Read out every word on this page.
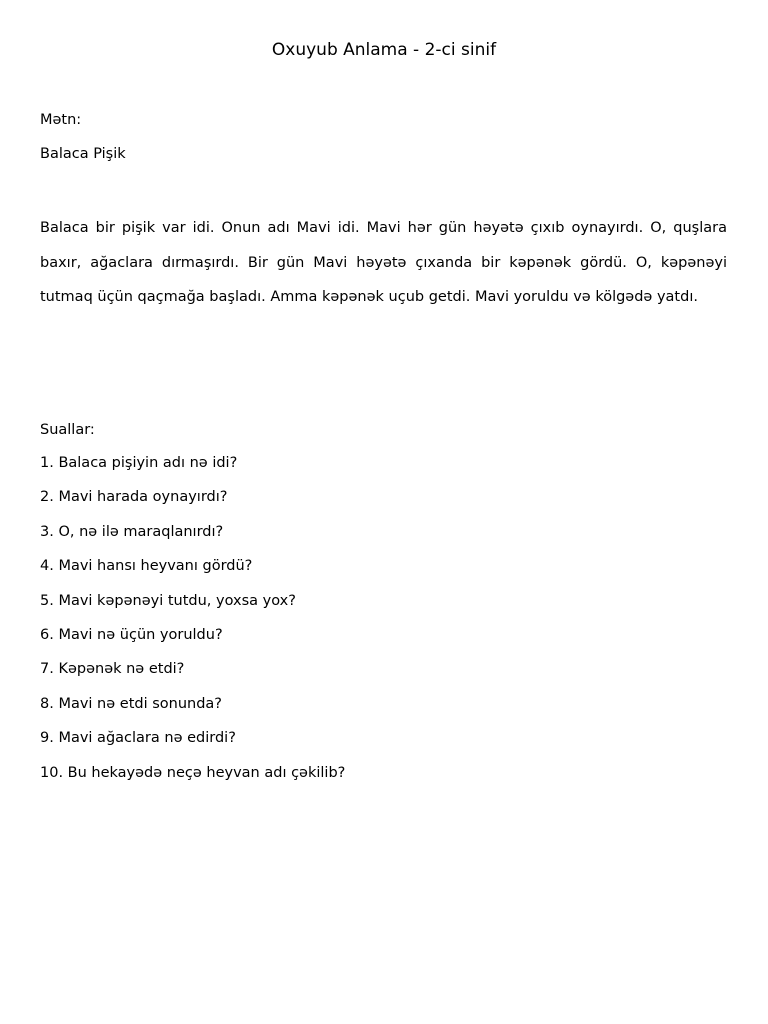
Oxuyub Anlama - 2-ci sinif
Mətn:
Balaca Pişik
Balaca bir pişik var idi. Onun adı Mavi idi. Mavi hər gün həyətə çıxıb oynayırdı. O, quşlara baxır, ağaclara dırmaşırdı. Bir gün Mavi həyətə çıxanda bir kəpənək gördü. O, kəpənəyi tutmaq üçün qaçmağa başladı. Amma kəpənək uçub getdi. Mavi yoruldu və kölgədə yatdı.
Suallar:
1. Balaca pişiyin adı nə idi?
2. Mavi harada oynayırdı?
3. O, nə ilə maraqlanırdı?
4. Mavi hansı heyvanı gördü?
5. Mavi kəpənəyi tutdu, yoxsa yox?
6. Mavi nə üçün yoruldu?
7. Kəpənək nə etdi?
8. Mavi nə etdi sonunda?
9. Mavi ağaclara nə edirdi?
10. Bu hekayədə neçə heyvan adı çəkilib?
